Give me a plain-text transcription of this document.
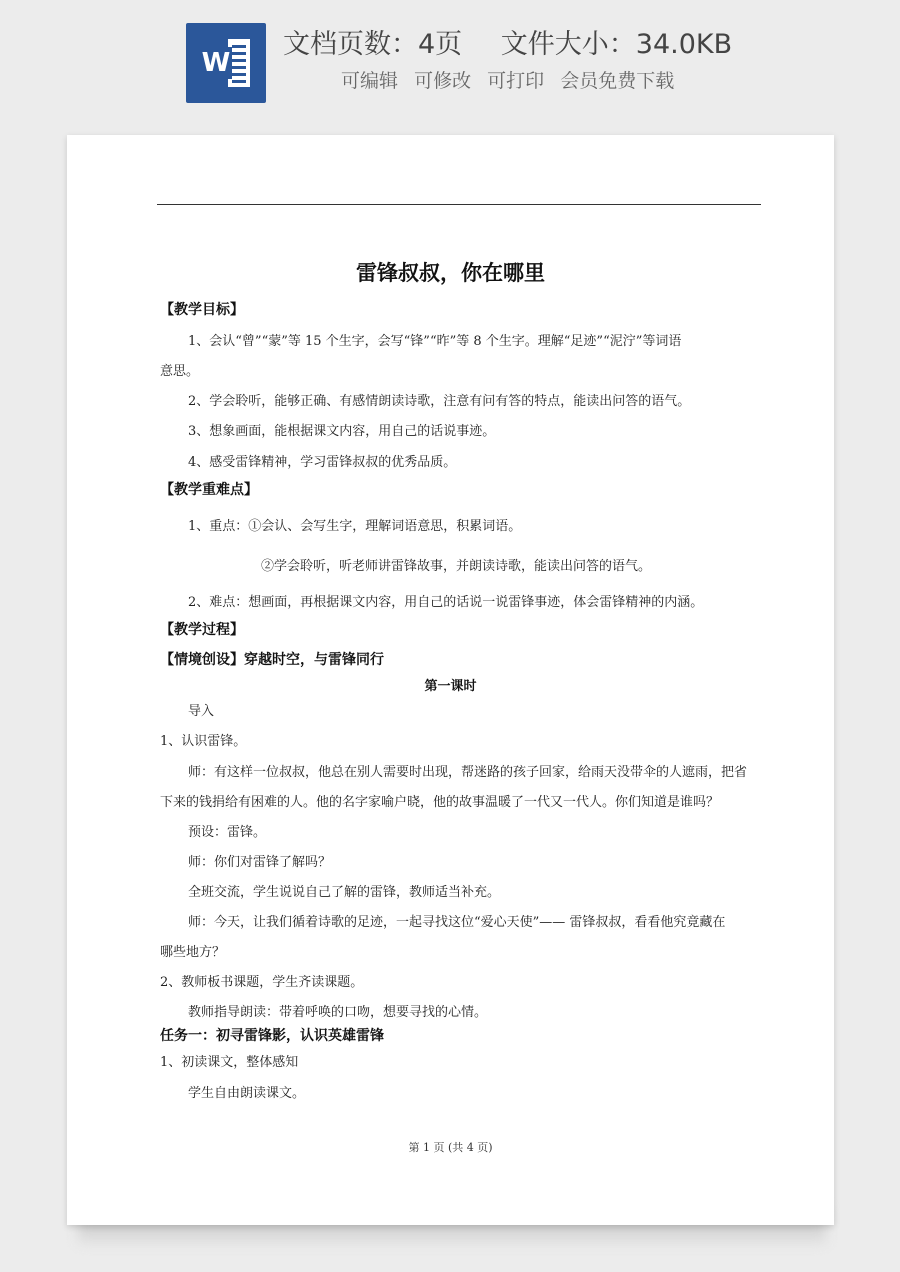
W
文档页数：4页 文件大小：34.0KB
可编辑 可修改 可打印 会员免费下载
雷锋叔叔，你在哪里
【教学目标】
1、会认“曾”“蒙”等 15 个生字，会写“锋”“昨”等 8 个生字。理解“足迹”“泥泞”等词语
意思。
2、学会聆听，能够正确、有感情朗读诗歌，注意有问有答的特点，能读出问答的语气。
3、想象画面，能根据课文内容，用自己的话说事迹。
4、感受雷锋精神，学习雷锋叔叔的优秀品质。
【教学重难点】
1、重点：①会认、会写生字，理解词语意思，积累词语。
②学会聆听，听老师讲雷锋故事，并朗读诗歌，能读出问答的语气。
2、难点：想画面，再根据课文内容，用自己的话说一说雷锋事迹，体会雷锋精神的内涵。
【教学过程】
【情境创设】穿越时空，与雷锋同行
第一课时
导入
1、认识雷锋。
师：有这样一位叔叔，他总在别人需要时出现，帮迷路的孩子回家，给雨天没带伞的人遮雨，把省
下来的钱捐给有困难的人。他的名字家喻户晓，他的故事温暖了一代又一代人。你们知道是谁吗？
预设：雷锋。
师：你们对雷锋了解吗？
全班交流，学生说说自己了解的雷锋，教师适当补充。
师：今天，让我们循着诗歌的足迹，一起寻找这位“爱心天使”—— 雷锋叔叔，看看他究竟藏在
哪些地方？
2、教师板书课题，学生齐读课题。
教师指导朗读：带着呼唤的口吻，想要寻找的心情。
任务一：初寻雷锋影，认识英雄雷锋
1、初读课文，整体感知
学生自由朗读课文。
第 1 页 (共 4 页)
